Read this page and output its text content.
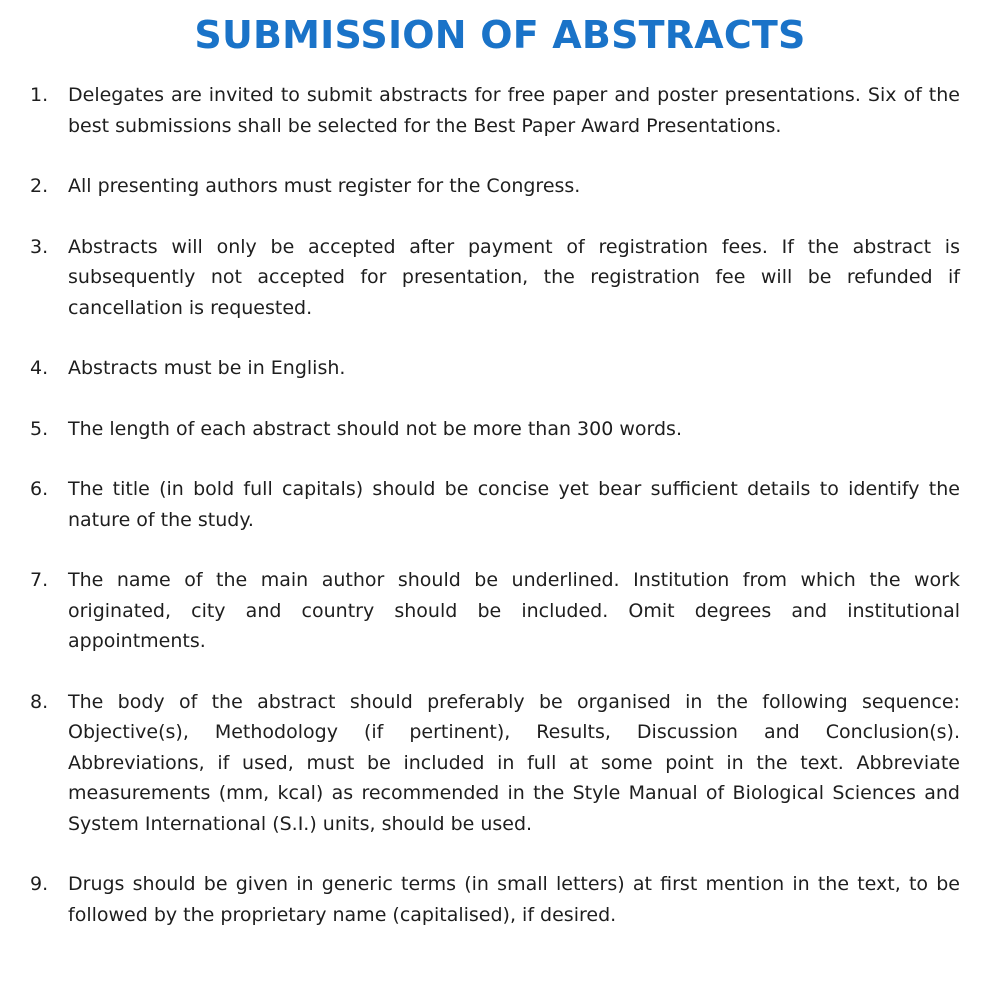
SUBMISSION OF ABSTRACTS
1.	Delegates are invited to submit abstracts for free paper and poster presentations. Six of the best submissions shall be selected for the Best Paper Award Presentations.
2.	All presenting authors must register for the Congress.
3.	Abstracts will only be accepted after payment of registration fees. If the abstract is subsequently not accepted for presentation, the registration fee will be refunded if cancellation is requested.
4.	Abstracts must be in English.
5.	The length of each abstract should not be more than 300 words.
6.	The title (in bold full capitals) should be concise yet bear sufficient details to identify the nature of the study.
7.	The name of the main author should be underlined. Institution from which the work originated, city and country should be included. Omit degrees and institutional appointments.
8.	The body of the abstract should preferably be organised in the following sequence: Objective(s), Methodology (if pertinent), Results, Discussion and Conclusion(s). Abbreviations, if used, must be included in full at some point in the text. Abbreviate measurements (mm, kcal) as recommended in the Style Manual of Biological Sciences and System International (S.I.) units, should be used.
9.	Drugs should be given in generic terms (in small letters) at first mention in the text, to be followed by the proprietary name (capitalised), if desired.
